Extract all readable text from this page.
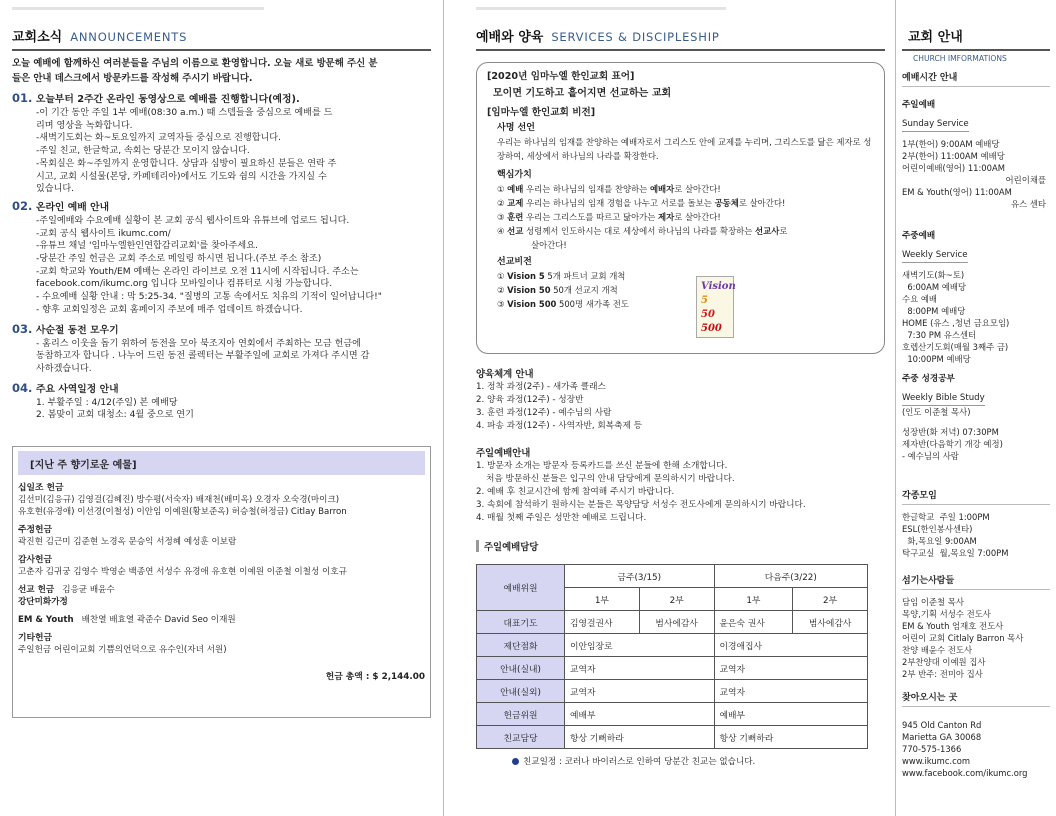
교회소식 ANNOUNCEMENTS
오늘 예배에 함께하신 여러분들을 주님의 이름으로 환영합니다. 오늘 새로 방문해 주신 분
들은 안내 데스크에서 방문카드를 작성해 주시기 바랍니다.
01. 오늘부터 2주간 온라인 동영상으로 예배를 진행합니다(예정).
-이 기간 동안 주일 1부 예배(08:30 a.m.) 때 스텝들을 중심으로 예배를 드
리며 영상을 녹화합니다.
-새벽기도회는 화~토요일까지 교역자들 중심으로 진행합니다.
-주일 친교, 한글학교, 속회는 당분간 모이지 않습니다.
-목회실은 화~주일까지 운영합니다. 상담과 심방이 필요하신 분들은 연락 주
시고, 교회 시설물(본당, 카페테리아)에서도 기도와 쉼의 시간을 가지실 수
있습니다.
02. 온라인 예배 안내
-주일예배와 수요예배 실황이 본 교회 공식 웹사이트와 유튜브에 업로드 됩니다.
-교회 공식 웹사이트 ikumc.com/
-유튜브 채널 '임마누엘한인연합감리교회'를 찾아주세요.
-당분간 주일 헌금은 교회 주소로 메일링 하시면 됩니다.(주보 주소 참조)
-교회 학교와 Youth/EM 예배는 온라인 라이브로 오전 11시에 시작됩니다. 주소는
facebook.com/ikumc.org 입니다 모바일이나 컴퓨터로 시청 가능합니다.
- 수요예배 실황 안내 : 막 5:25-34. "질병의 고통 속에서도 치유의 기적이 일어납니다!"
- 향후 교회일정은 교회 홈페이지 주보에 매주 업데이트 하겠습니다.
03. 사순절 동전 모우기
- 홈리스 이웃을 돕기 위하여 동전을 모아 북조지아 연회에서 주최하는 모금 헌금에
동참하고자 합니다 . 나누어 드린 동전 콜렉터는 부활주일에 교회로 가져다 주시면 감
사하겠습니다.
04. 주요 사역일정 안내
1. 부활주일 : 4/12(주일) 본 예배당
2. 봄맞이 교회 대청소: 4월 중으로 연기
[지난 주 향기로운 예물]
십일조 헌금
김선미(김응규) 김영걸(김혜진) 방수평(서숙자) 배재천(배미옥) 오경자 오숙경(마이크)
유호현(유경애) 이선경(이철성) 이안임 이예원(황보준옥) 허승철(허정금) Citlay Barron
주정헌금
곽진현 김근미 김준현 노경옥 문승익 서정혜 예성훈 이보람
감사헌금
고춘자 김귀궁 김영수 박영순 백종연 서성수 유경애 유호현 이예원 이준철 이철성 이호규
선교 헌금 김응균 배윤수
강단미화가정
EM & Youth 배찬열 배효열 곽준수 David Seo 이재원
기타헌금
주일헌금 어린이교회 기쁨의언덕으로 유수인(자녀 서원)
헌금 총액 : $ 2,144.00
예배와 양육 SERVICES & DISCIPLESHIP
[2020년 임마누엘 한인교회 표어]
모이면 기도하고 흩어지면 선교하는 교회
[임마누엘 한인교회 비전]
사명 선언
우리는 하나님의 임재를 찬양하는 예배자로서 그리스도 안에 교제를 누리며, 그리스도를 닮은 제자로 성장하여, 세상에서 하나님의 나라를 확장한다.
핵심가치
① 예배 우리는 하나님의 임재를 찬양하는 예배자로 살아간다!
② 교제 우리는 하나님의 임재 경험을 나누고 서로를 돌보는 공동체로 살아간다!
③ 훈련 우리는 그리스도를 따르고 닮아가는 제자로 살아간다!
④ 선교 성령께서 인도하시는 대로 세상에서 하나님의 나라를 확장하는 선교사로
살아간다!
선교비전
① Vision 5 5개 파트너 교회 개척
② Vision 50 50개 선교지 개척
③ Vision 500 500명 새가족 전도
Vision
5
50
500
양육체계 안내
1. 정착 과정(2주) - 새가족 클래스
2. 양육 과정(12주) - 성장반
3. 훈련 과정(12주) - 예수님의 사람
4. 파송 과정(12주) - 사역자반, 회복축제 등
주일예배안내
1. 방문자 소개는 방문자 등록카드를 쓰신 분들에 한해 소개합니다.
처음 방문하신 분들은 입구의 안내 담당에게 문의하시기 바랍니다.
2. 예배 후 친교시간에 함께 참여해 주시기 바랍니다.
3. 속회에 참석하기 원하시는 분들은 목양담당 서성수 전도사에게 문의하시기 바랍니다.
4. 매월 첫째 주일은 성만찬 예배로 드립니다.
주일예배담당
예배위원	금주(3/15)		다음주(3/22)	
	1부	2부	1부	2부
대표기도	김영걸권사	범사에감사	윤은숙 권사	범사에감사
제단점화	이안임장로		이경애집사	
안내(실내)	교역자		교역자	
안내(실외)	교역자		교역자	
헌금위원	예배부		예배부	
친교담당	항상 기뻐하라		항상 기뻐하라	
친교일정 : 코러나 바이러스로 인하여 당분간 친교는 없습니다.
교회 안내
CHURCH IMFORMATIONS
예배시간 안내
주일예배
Sunday Service
1부(한어) 9:00AM 예배당
2부(한어) 11:00AM 예배당
어린이예배(영어) 11:00AM
어린이채플
EM & Youth(영어) 11:00AM
유스 센타
주중예배
Weekly Service
새벽기도(화~토)
6:00AM 예배당
수요 예배
8:00PM 예배당
HOME (유스 ,청년 금요모임)
7:30 PM 유스센터
호렙산기도회(매월 3째주 금)
10:00PM 예배당
주중 성경공부
Weekly Bible Study
(인도 이준철 목사)
성장반(화 저녁) 07:30PM
제자반(다음학기 개강 예정)
- 예수님의 사람
각종모임
한글학교  주일 1:00PM
ESL(한인봉사센타)
화,목요일 9:00AM
탁구교실  월,목요일 7:00PM
섬기는사람들
담임 이준철 목사
목양,기획 서성수 전도사
EM & Youth 엄재호 전도사
어린이 교회 Citlaly Barron 목사
찬양 배윤수 전도사
2부찬양대 이예원 집사
2부 반주: 전미아 집사
찾아오시는 곳
945 Old Canton Rd
Marietta GA 30068
770-575-1366
www.ikumc.com
www.facebook.com/ikumc.org
